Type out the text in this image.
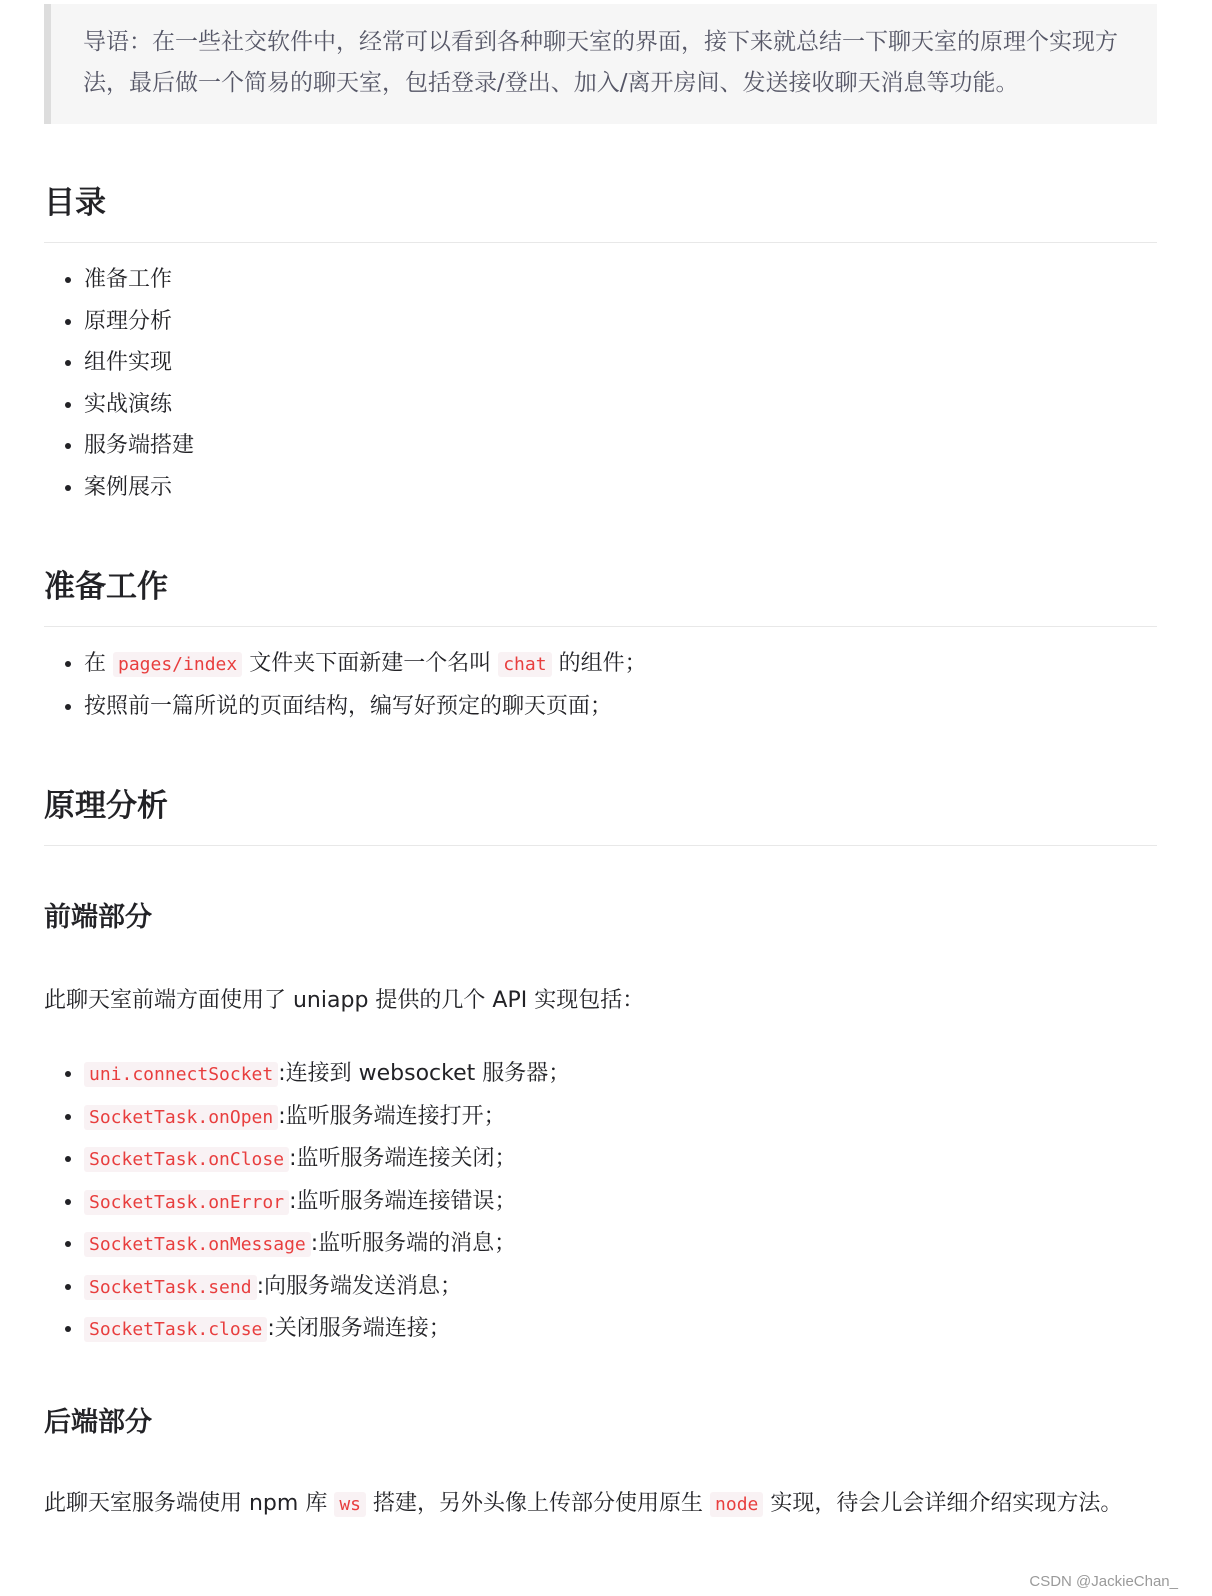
导语：在一些社交软件中，经常可以看到各种聊天室的界面，接下来就总结一下聊天室的原理个实现方法，最后做一个简易的聊天室，包括登录/登出、加入/离开房间、发送接收聊天消息等功能。
目录
• 准备工作
• 原理分析
• 组件实现
• 实战演练
• 服务端搭建
• 案例展示
准备工作
• 在 pages/index 文件夹下面新建一个名叫 chat 的组件；
• 按照前一篇所说的页面结构，编写好预定的聊天页面；
原理分析
前端部分

此聊天室前端方面使用了 uniapp 提供的几个 API 实现包括：

• uni.connectSocket :连接到 websocket 服务器；
• SocketTask.onOpen :监听服务端连接打开；
• SocketTask.onClose :监听服务端连接关闭；
• SocketTask.onError :监听服务端连接错误；
• SocketTask.onMessage :监听服务端的消息；
• SocketTask.send :向服务端发送消息；
• SocketTask.close :关闭服务端连接；
后端部分

此聊天室服务端使用 npm 库 ws 搭建，另外头像上传部分使用原生 node 实现，待会儿会详细介绍实现方法。

CSDN @JackieChan_
